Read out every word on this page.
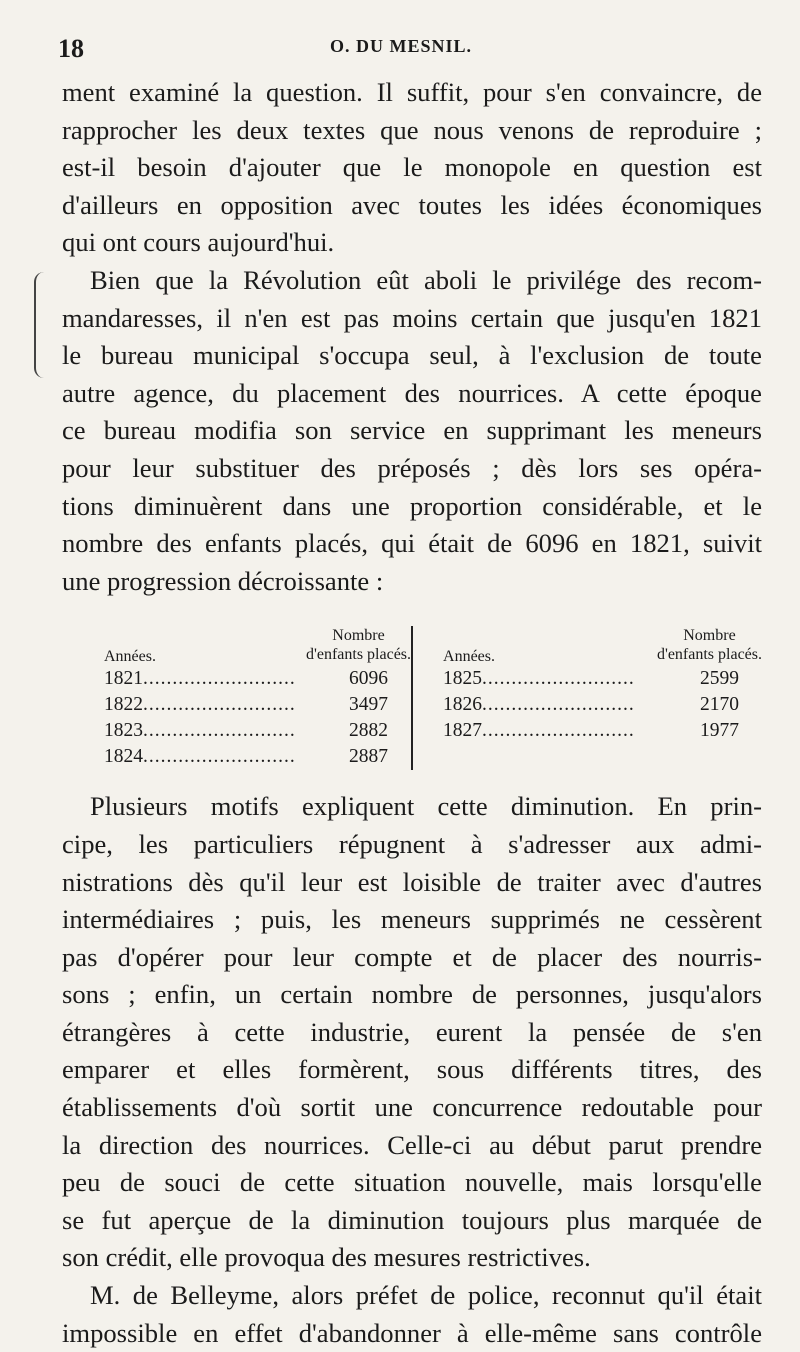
18	O. DU MESNIL.

ment examiné la question. Il suffit, pour s'en convaincre, de

rapprocher les deux textes que nous venons de reproduire ;

est-il besoin d'ajouter que le monopole en question est

d'ailleurs en opposition avec toutes les idées économiques

qui ont cours aujourd'hui.

Bien que la Révolution eût aboli le privilége des recom-

mandaresses, il n'en est pas moins certain que jusqu'en 1821

le bureau municipal s'occupa seul, à l'exclusion de toute

autre agence, du placement des nourrices. A cette époque

ce bureau modifia son service en supprimant les meneurs

pour leur substituer des préposés ; dès lors ses opéra-

tions diminuèrent dans une proportion considérable, et le

nombre des enfants placés, qui était de 6096 en 1821, suivit

une progression décroissante :

Années.
Nombre
d'enfants placés.
1821 ..........................	6096
1822 ..........................	3497
1823 ..........................	2882
1824 ..........................	2887
Années.
Nombre
d'enfants placés.
1825 ..........................	2599
1826 ..........................	2170
1827 ..........................	1977

Plusieurs motifs expliquent cette diminution. En prin-

cipe, les particuliers répugnent à s'adresser aux admi-

nistrations dès qu'il leur est loisible de traiter avec d'autres

intermédiaires ; puis, les meneurs supprimés ne cessèrent

pas d'opérer pour leur compte et de placer des nourris-

sons ; enfin, un certain nombre de personnes, jusqu'alors

étrangères à cette industrie, eurent la pensée de s'en

emparer et elles formèrent, sous différents titres, des

établissements d'où sortit une concurrence redoutable pour

la direction des nourrices. Celle-ci au début parut prendre

peu de souci de cette situation nouvelle, mais lorsqu'elle

se fut aperçue de la diminution toujours plus marquée de

son crédit, elle provoqua des mesures restrictives.

M. de Belleyme, alors préfet de police, reconnut qu'il était

impossible en effet d'abandonner à elle-même sans contrôle
